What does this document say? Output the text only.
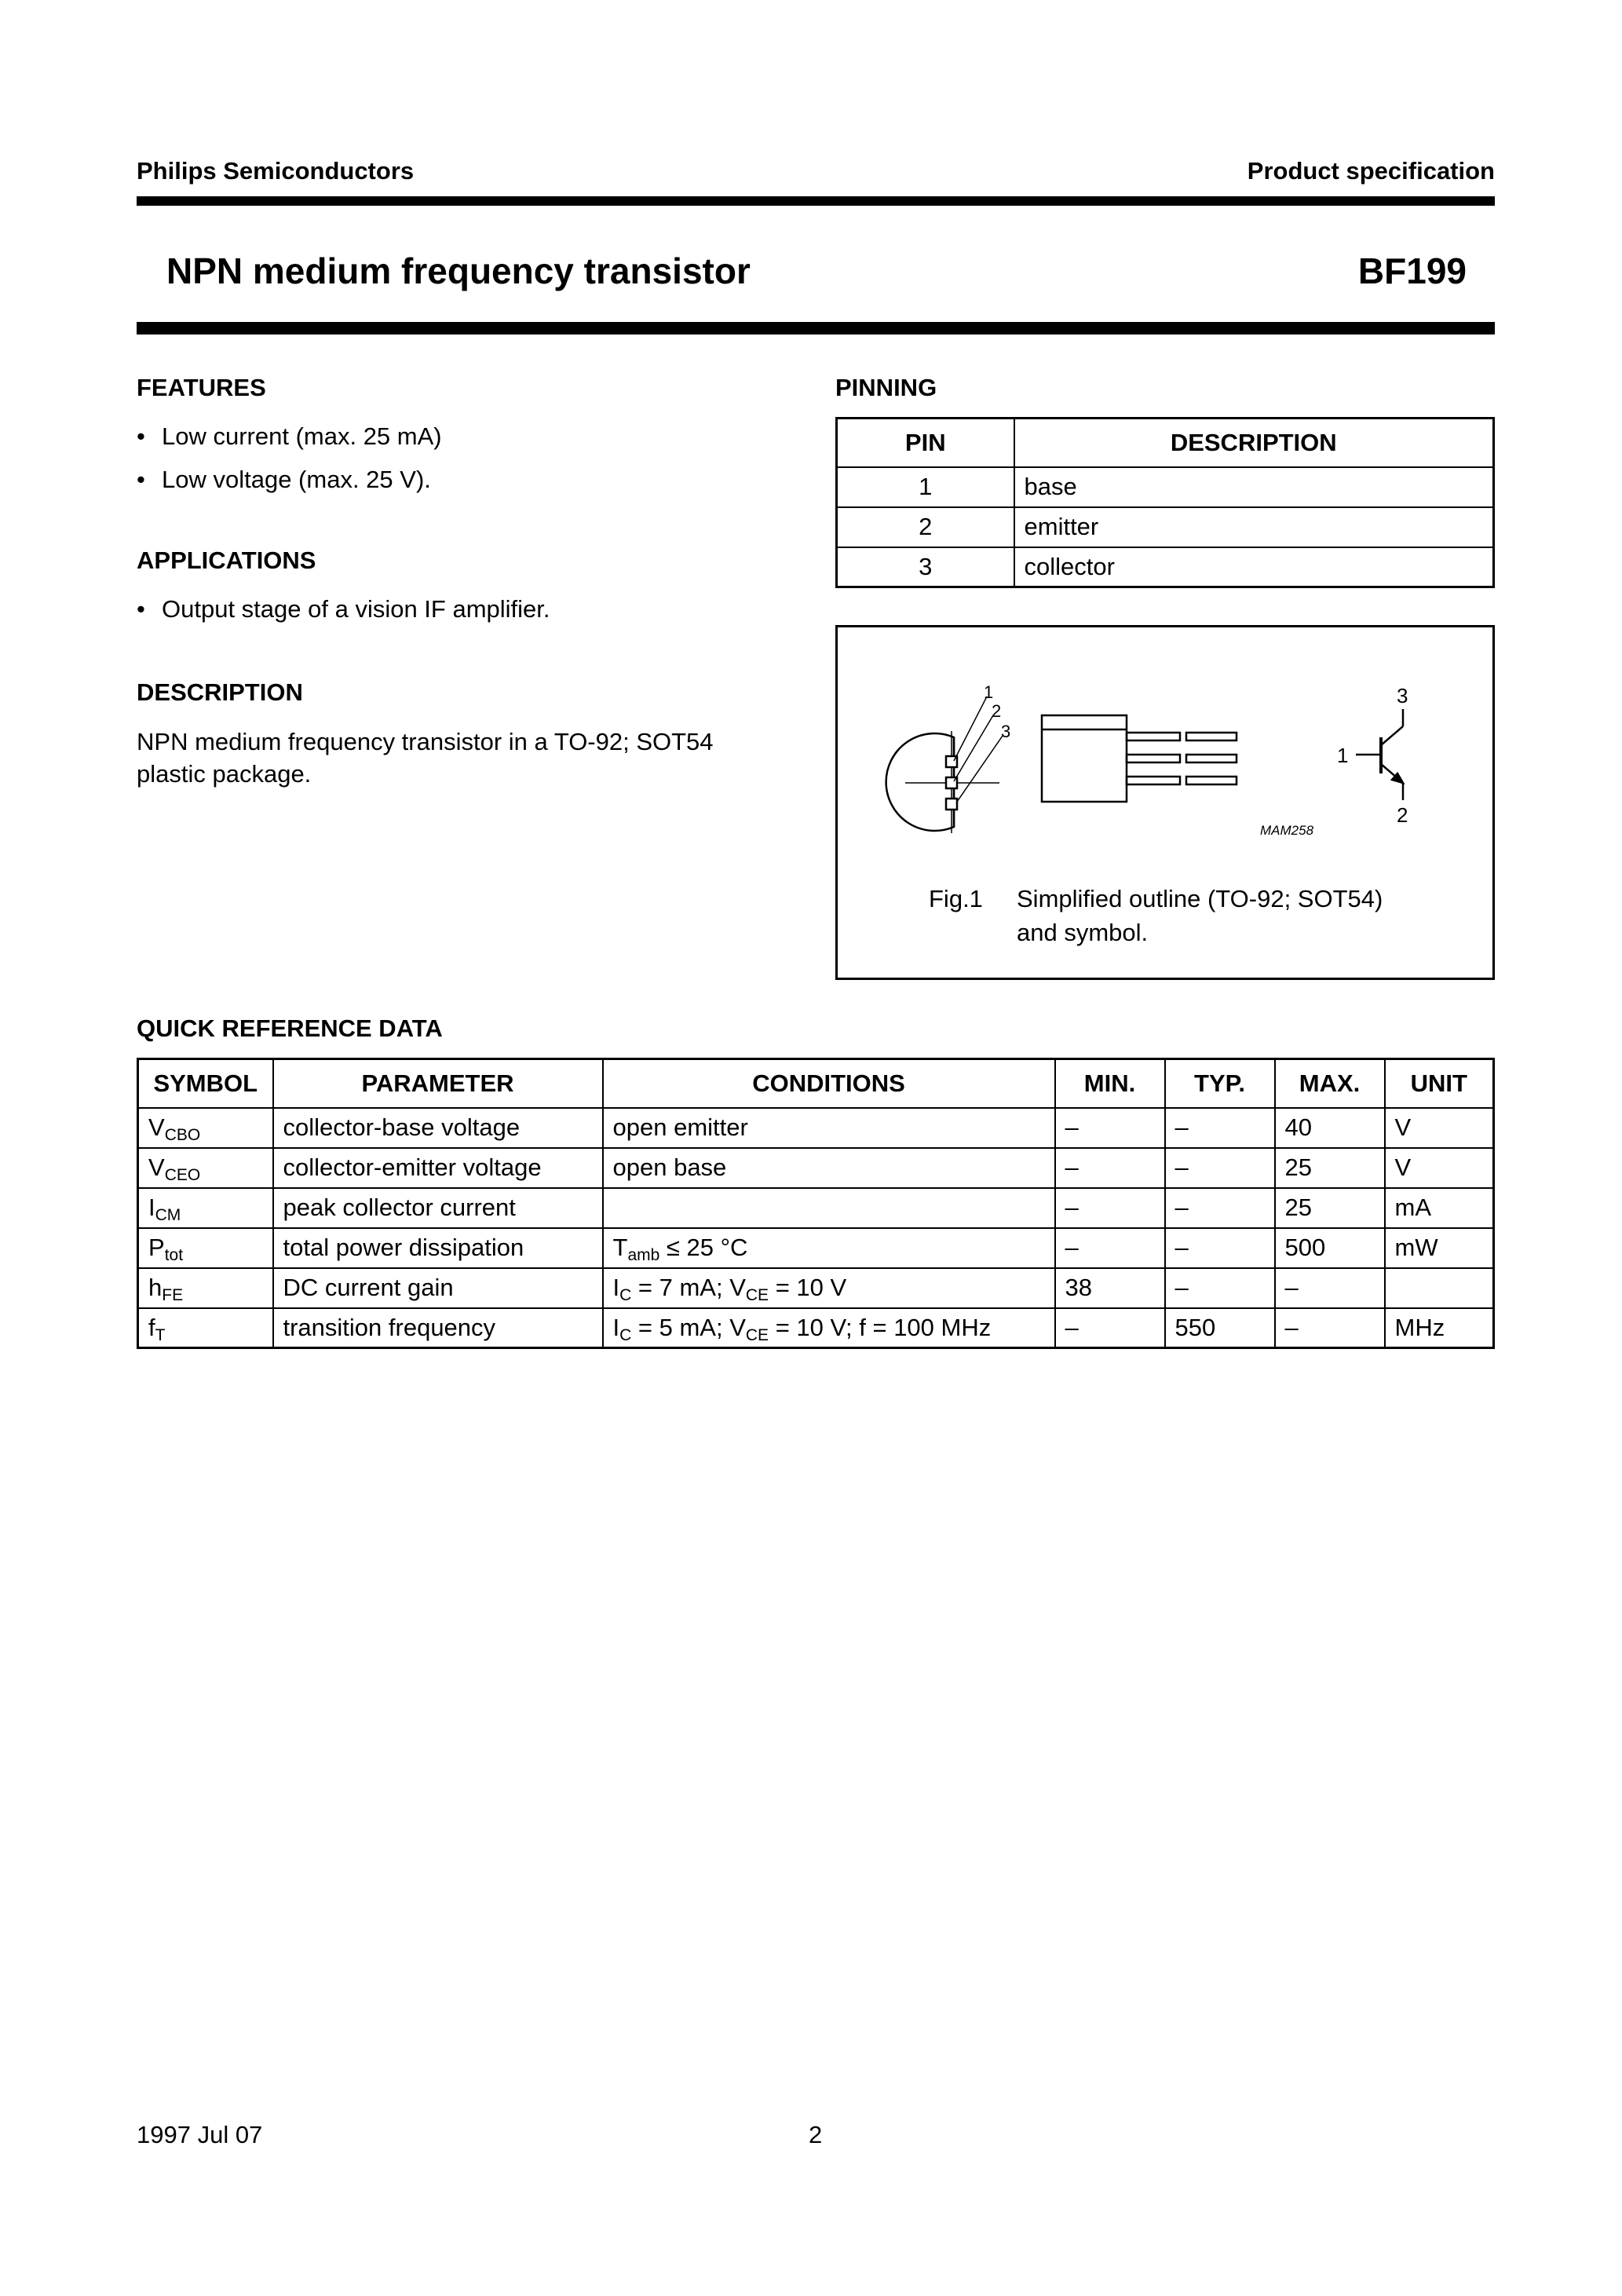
Philips Semiconductors	Product specification
NPN medium frequency transistor	BF199
FEATURES
• Low current (max. 25 mA)
• Low voltage (max. 25 V).
APPLICATIONS
• Output stage of a vision IF amplifier.
DESCRIPTION
NPN medium frequency transistor in a TO-92; SOT54
plastic package.
PINNING
PIN	DESCRIPTION
1	base
2	emitter
3	collector
1
2
3
3
1
2
MAM258
Fig.1 Simplified outline (TO-92; SOT54)
and symbol.
QUICK REFERENCE DATA
SYMBOL	PARAMETER	CONDITIONS	MIN.	TYP.	MAX.	UNIT
$V_{CBO}$	collector-base voltage	open emitter	–	–	40	V
$V_{CEO}$	collector-emitter voltage	open base	–	–	25	V
$I_{CM}$	peak collector current		–	–	25	mA
$P_{tot}$	total power dissipation	$T_{amb} \le 25$ °C	–	–	500	mW
$h_{FE}$	DC current gain	$I_C = 7$ mA; $V_{CE} = 10$ V	38	–	–	
$f_T$	transition frequency	$I_C = 5$ mA; $V_{CE} = 10$ V; f = 100 MHz	–	550	–	MHz
1997 Jul 07	2
